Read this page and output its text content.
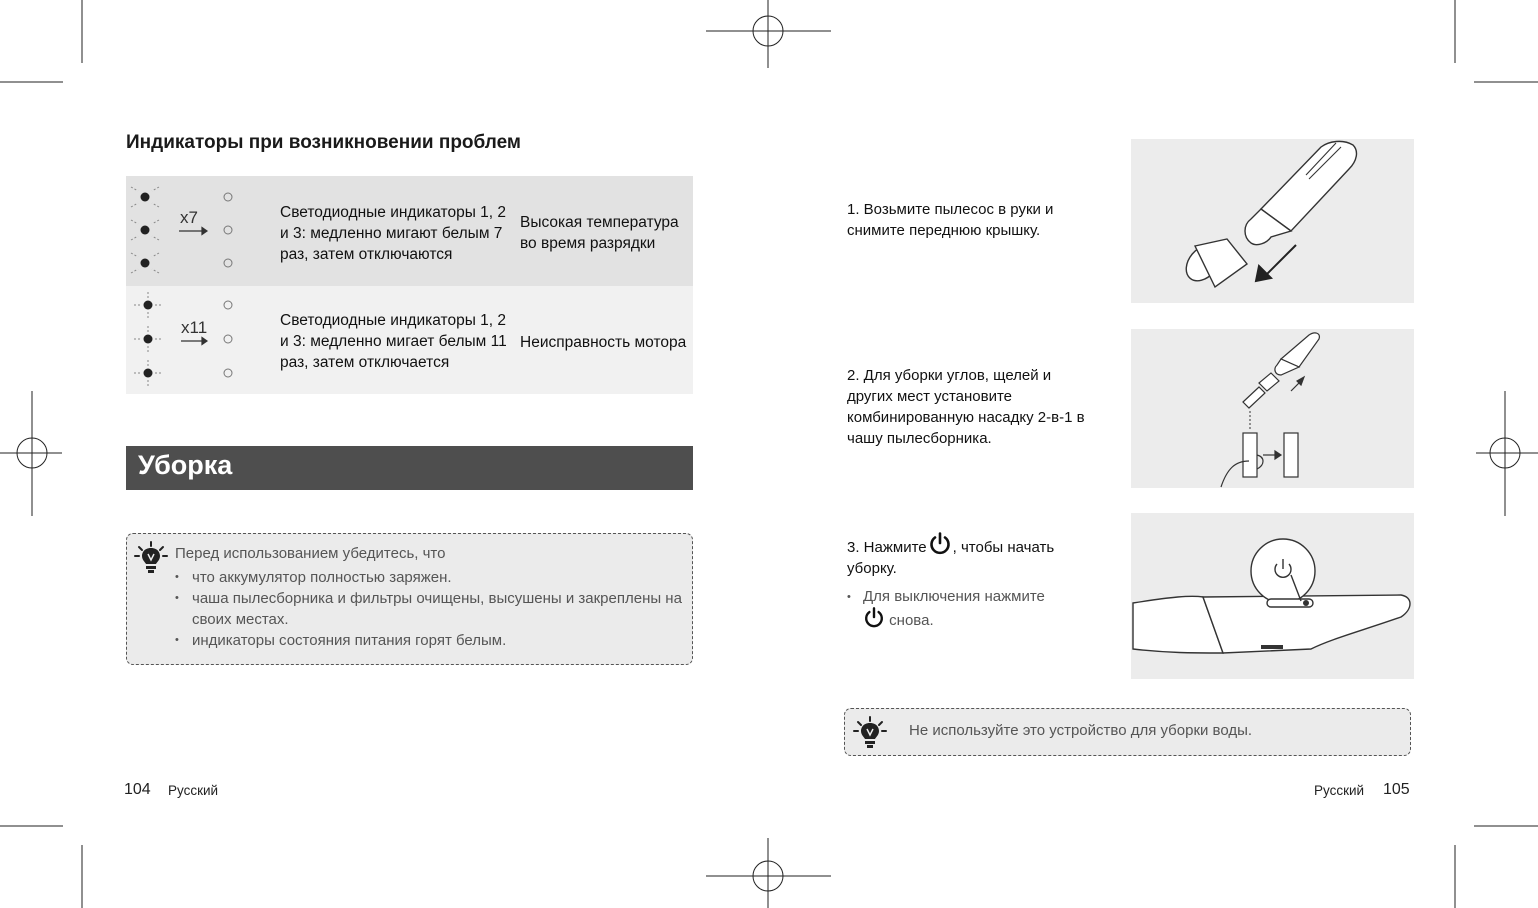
Индикаторы при возникновении проблем
x7	Светодиодные индикаторы 1, 2 и 3: медленно мигают белым 7 раз, затем отключаются
Высокая температура во время разрядки
x11	Светодиодные индикаторы 1, 2 и 3: медленно мигает белым 11 раз, затем отключается
Неисправность мотора
Уборка
Перед использованием убедитесь, что
• что аккумулятор полностью заряжен.
• чаша пылесборника и фильтры очищены, высушены и закреплены на своих местах.
• индикаторы состояния питания горят белым.
104 Русский
1. Возьмите пылесос в руки и снимите переднюю крышку.
2. Для уборки углов, щелей и других мест установите комбинированную насадку 2-в-1 в чашу пылесборника.
3. Нажмите , чтобы начать уборку.
• Для выключения нажмите
снова.
Не используйте это устройство для уборки воды.
Русский 105
